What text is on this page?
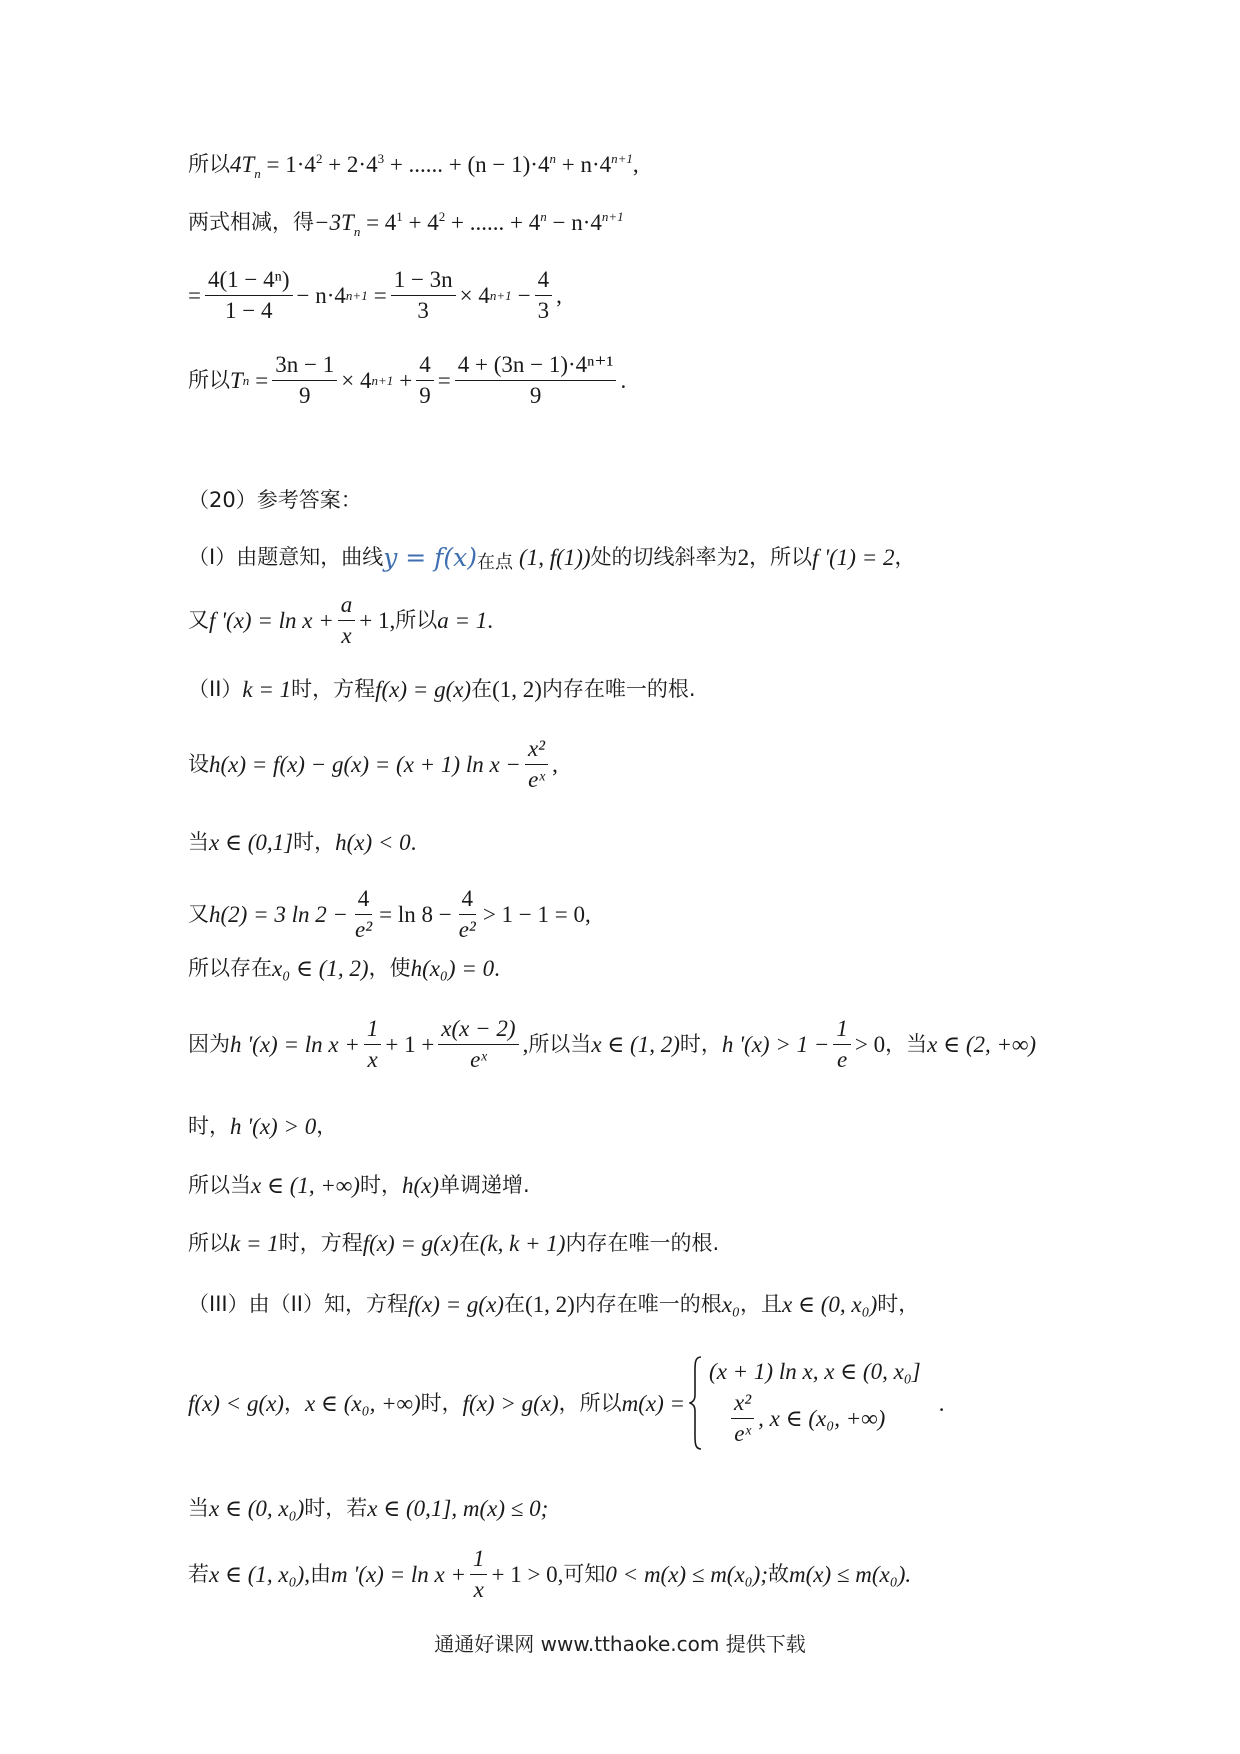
所以 $4T_n = 1\cdot 4^2 + 2\cdot 4^3$ + ...... + $(n - 1)\cdot 4^n + n\cdot 4^{n+1}$,
两式相减，得 $-3T_n = 4^1 + 4^2$ + ...... + $4^n - n\cdot 4^{n+1}$
= $\frac{\text{4(1 − 4ⁿ)}}{1 - 4} - n\cdot 4$ $n+1 = \frac{1 - 3n}{3} \times 4$ $n+1 - \frac{4}{3}$ ,
所以 T $n = \frac{3n - 1}{9} \times 4$ $n+1 + \frac{4}{9} = \frac{\text{4 + (3n − 1)·4ⁿ⁺¹}}{9}$ .
（20）参考答案：
（I）由题意知，曲线 y = f(x) 在点 (1, f(1)) 处的切线斜率为 2 ，所以 f '(1) = 2 ，
又 f '$(x) = \ln x + \frac{a}{x} + 1$, 所以 a = 1 .
（II） k = 1 时，方程 f(x) = g(x) 在 (1, 2) 内存在唯一的根.
设 h(x) = f(x) − g(x) = (x + 1) $\ln x - \frac{\text{x²}}{\text{eˣ}}$ ,
当 x ∈ (0,1] 时， h(x) < 0 .
又 h(2) = 3 $\ln 2 - \frac{4}{\text{e²}} = \ln 8 - \frac{4}{\text{e²}} > 1 - 1 = 0$,
所以存在 x₀ ∈ (1, 2) ，使 h(x₀) = 0 .
因为 h '$(x) = \ln x + \frac{1}{x} + 1 + \frac{x(x - 2)}{\text{eˣ}}$ , 所以当 x ∈ (1, 2) 时， h '$(x) > 1 - \frac{1}{e} > 0$ ，当 x ∈ (2, +∞)
时， h '(x) > 0 ，
所以当 x ∈ (1, +∞) 时， h(x) 单调递增.
所以 k = 1 时，方程 f(x) = g(x) 在 (k, k + 1) 内存在唯一的根.
（III）由（II）知，方程 f(x) = g(x) 在 (1, 2) 内存在唯一的根 x₀ ，且 x ∈ (0, x₀) 时，
f(x) < g(x) ， x ∈ (x₀, +∞) 时， f(x) > g(x) ，所以 m(x) =
(x + 1) ln x, x ∈ (0, x₀]
$\frac{\text{x²}}{\text{eˣ}}$ , x ∈ (x₀, +∞)
.
当 x ∈ (0, x₀) 时，若 x ∈ (0,1], m(x) ≤ 0;
若 x ∈ (1, x₀), 由 m '$(x) = \ln x + \frac{1}{x} + 1 > 0$, 可知 0 < m(x) ≤ m(x₀); 故 m(x) ≤ m(x₀).
通通好课网 www.tthaoke.com 提供下载
